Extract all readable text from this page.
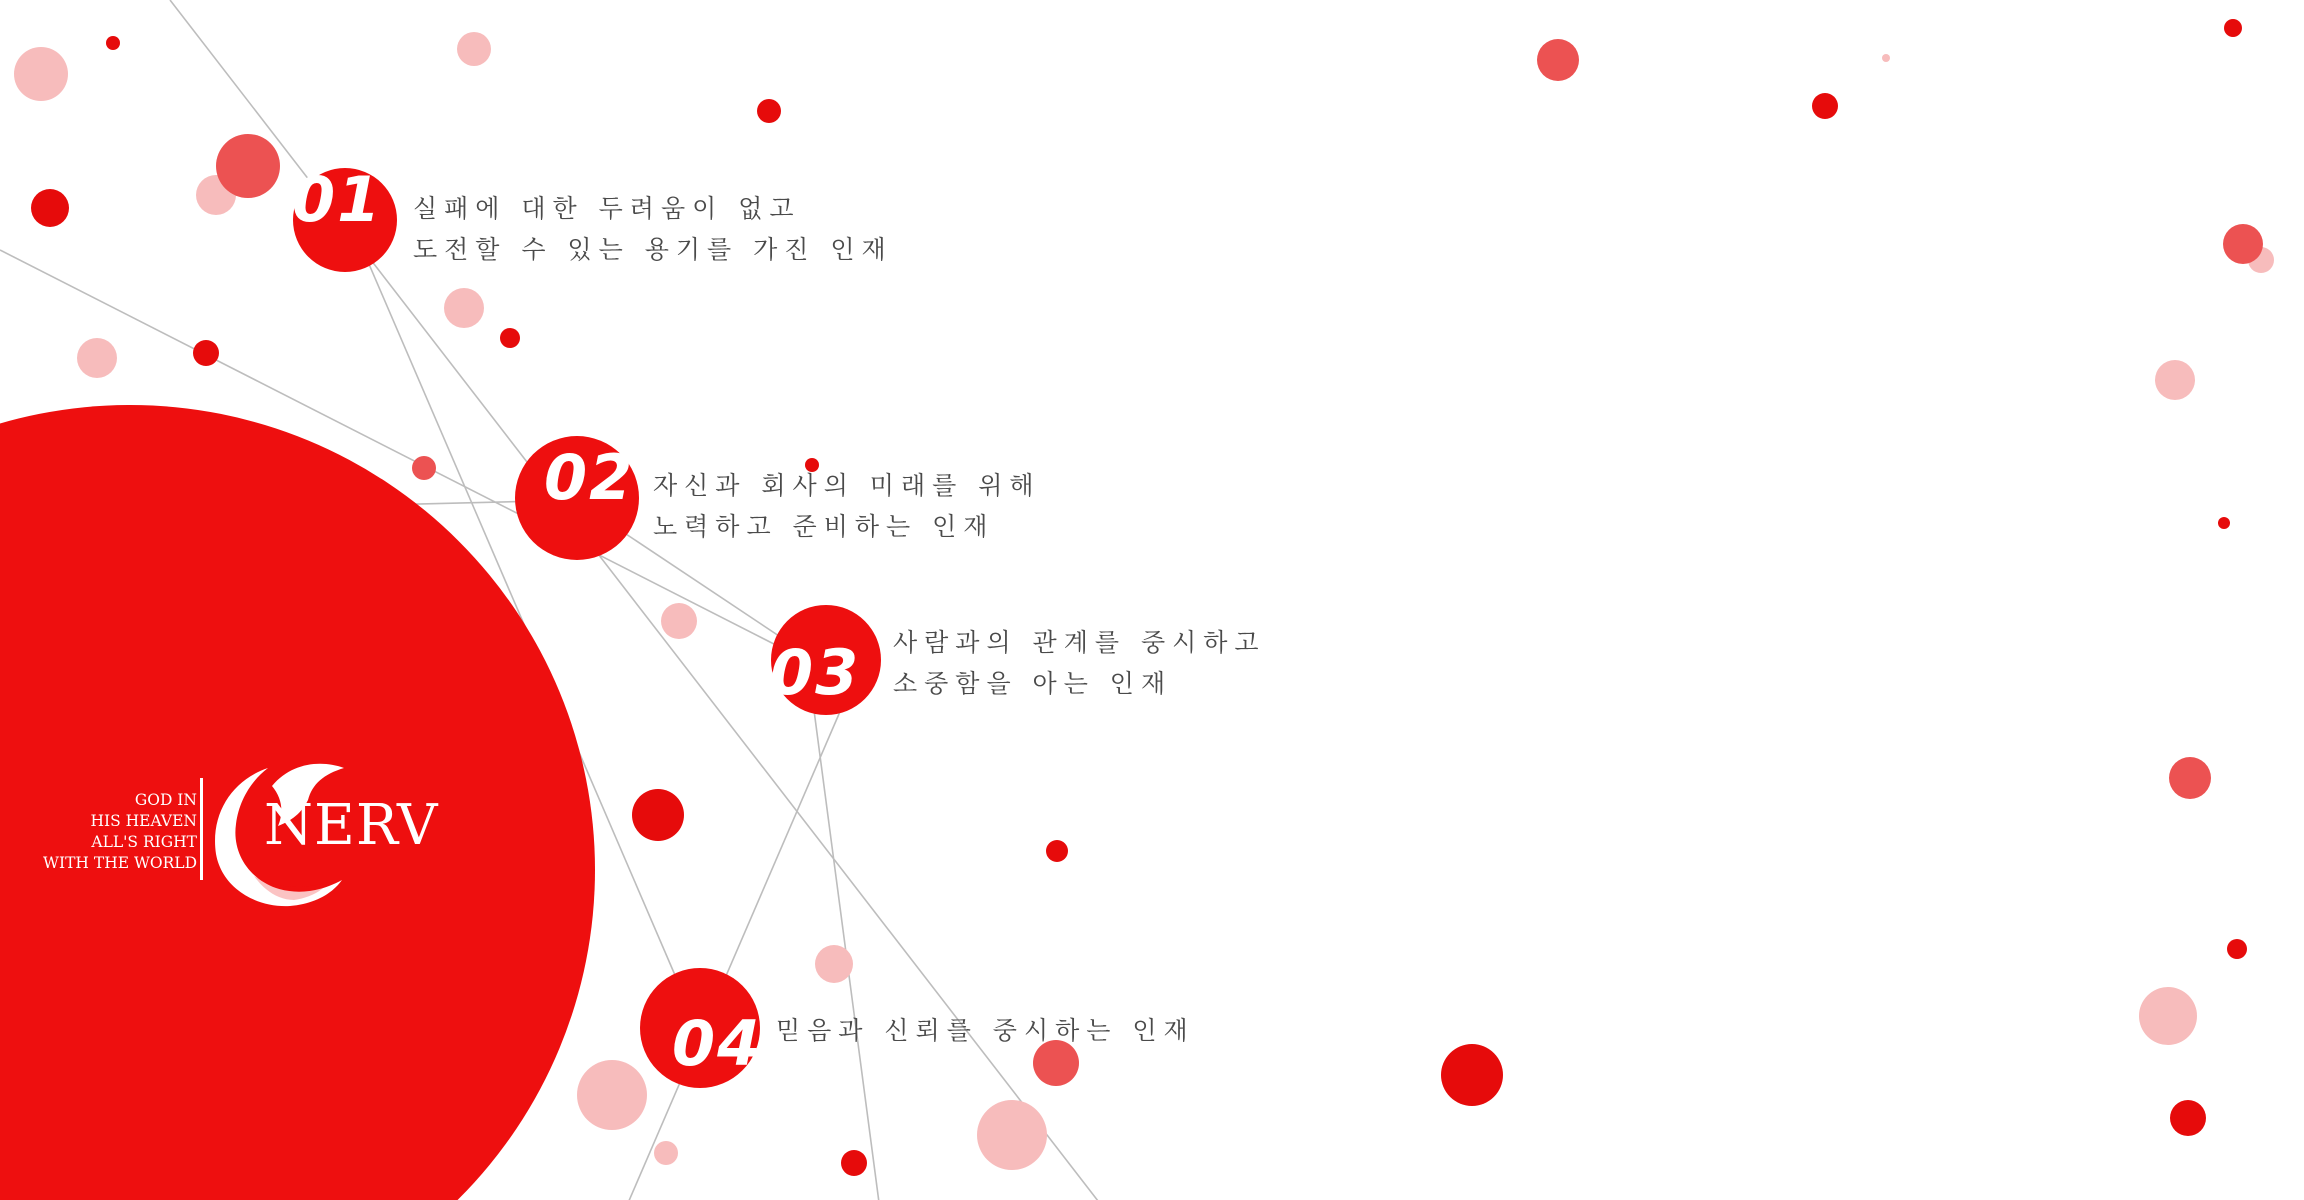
01
02
03
04
실패에 대한 두려움이 없고
도전할 수 있는 용기를 가진 인재
자신과 회사의 미래를 위해
노력하고 준비하는 인재
사람과의 관계를 중시하고
소중함을 아는 인재
믿음과 신뢰를 중시하는 인재
GOD IN
HIS HEAVEN
ALL'S RIGHT
WITH THE WORLD
NERV
